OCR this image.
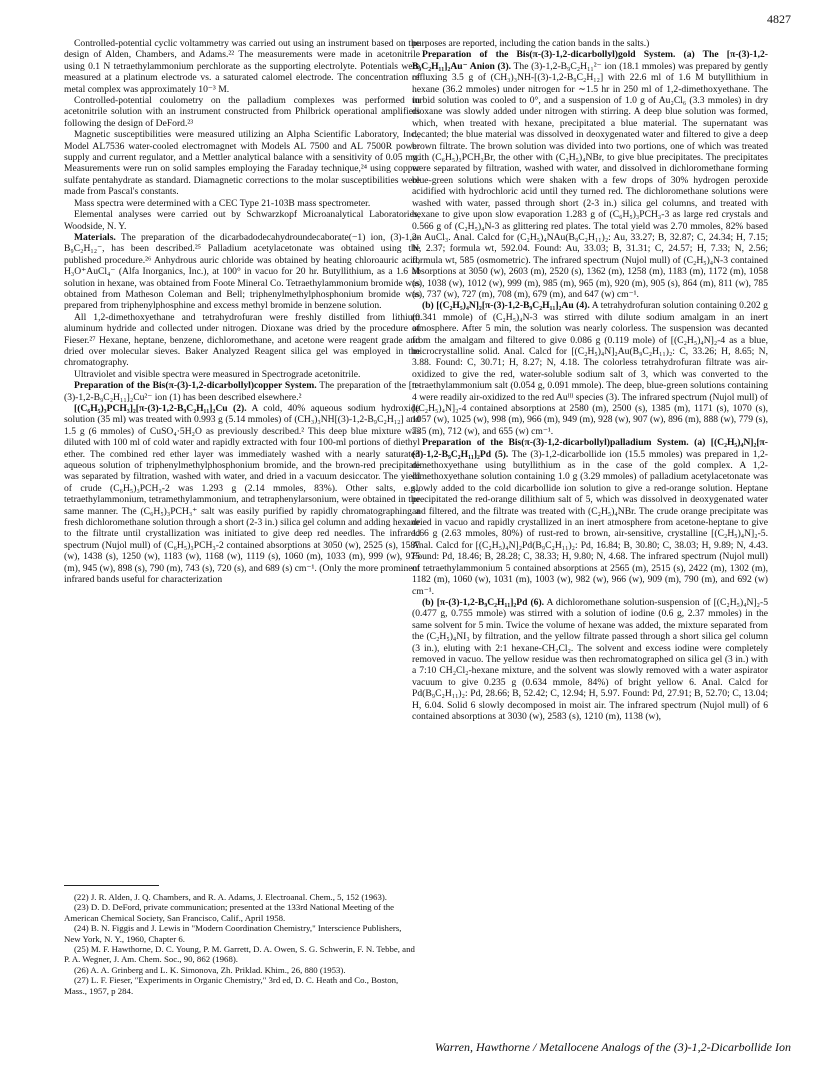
4827

Controlled-potential cyclic voltammetry was carried out using an instrument based on the design of Alden, Chambers, and Adams.²² The measurements were made in acetonitrile using 0.1 N tetraethylammonium perchlorate as the supporting electrolyte. Potentials were measured at a platinum electrode vs. a saturated calomel electrode. The concentration of metal complex was approximately 10⁻³ M.

Controlled-potential coulometry on the palladium complexes was performed in acetonitrile solution with an instrument constructed from Philbrick operational amplifiers following the design of DeFord.²³

Magnetic susceptibilities were measured utilizing an Alpha Scientific Laboratory, Inc., Model AL7536 water-cooled electromagnet with Models AL 7500 and AL 7500R power supply and current regulator, and a Mettler analytical balance with a sensitivity of 0.05 mg. Measurements were run on solid samples employing the Faraday technique,²⁴ using copper sulfate pentahydrate as standard. Diamagnetic corrections to the molar susceptibilities were made from Pascal's constants.

Mass spectra were determined with a CEC Type 21-103B mass spectrometer.

Elemental analyses were carried out by Schwarzkopf Microanalytical Laboratories, Woodside, N. Y.

Materials. The preparation of the dicarbadodecahydroundecaborate(−1) ion, (3)-1,2-B₉C₂H₁₂⁻, has been described.²⁵ Palladium acetylacetonate was obtained using the published procedure.²⁶ Anhydrous auric chloride was obtained by heating chloroauric acid, H₃O⁺AuCl₄⁻ (Alfa Inorganics, Inc.), at 100° in vacuo for 20 hr. Butyllithium, as a 1.6 M solution in hexane, was obtained from Foote Mineral Co. Tetraethylammonium bromide was obtained from Matheson Coleman and Bell; triphenylmethylphosphonium bromide was prepared from triphenylphosphine and excess methyl bromide in benzene solution.

All 1,2-dimethoxyethane and tetrahydrofuran were freshly distilled from lithium aluminum hydride and collected under nitrogen. Dioxane was dried by the procedure of Fieser.²⁷ Hexane, heptane, benzene, dichloromethane, and acetone were reagent grade and dried over molecular sieves. Baker Analyzed Reagent silica gel was employed in the chromatography.

Ultraviolet and visible spectra were measured in Spectrograde acetonitrile.

Preparation of the Bis(π-(3)-1,2-dicarbollyl)copper System. The preparation of the [π-(3)-1,2-B₉C₂H₁₁]₂Cu²⁻ ion (1) has been described elsewhere.²

[(C₆H₅)₃PCH₃]₂[π-(3)-1,2-B₉C₂H₁₁]₂Cu (2). A cold, 40% aqueous sodium hydroxide solution (35 ml) was treated with 0.993 g (5.14 mmoles) of (CH₃)₃NH[(3)-1,2-B₉C₂H₁₂] and 1.5 g (6 mmoles) of CuSO₄·5H₂O as previously described.² This deep blue mixture was diluted with 100 ml of cold water and rapidly extracted with four 100-ml portions of diethyl ether. The combined red ether layer was immediately washed with a nearly saturated aqueous solution of triphenylmethylphosphonium bromide, and the brown-red precipitate was separated by filtration, washed with water, and dried in a vacuum desiccator. The yield of crude (C₆H₅)₃PCH₃-2 was 1.293 g (2.14 mmoles, 83%). Other salts, e.g., tetraethylammonium, tetramethylammonium, and tetraphenylarsonium, were obtained in the same manner. The (C₆H₅)₃PCH₃⁺ salt was easily purified by rapidly chromatographing a fresh dichloromethane solution through a short (2-3 in.) silica gel column and adding hexane to the filtrate until crystallization was initiated to give deep red needles. The infrared spectrum (Nujol mull) of (C₆H₅)₃PCH₃-2 contained absorptions at 3050 (w), 2525 (s), 1587 (w), 1438 (s), 1250 (w), 1183 (w), 1168 (w), 1119 (s), 1060 (m), 1033 (m), 999 (w), 975 (m), 945 (w), 898 (s), 790 (m), 743 (s), 720 (s), and 689 (s) cm⁻¹. (Only the more prominent infrared bands useful for characterization

(22) J. R. Alden, J. Q. Chambers, and R. A. Adams, J. Electroanal. Chem., 5, 152 (1963).

(23) D. D. DeFord, private communication; presented at the 133rd National Meeting of the American Chemical Society, San Francisco, Calif., April 1958.

(24) B. N. Figgis and J. Lewis in "Modern Coordination Chemistry," Interscience Publishers, New York, N. Y., 1960, Chapter 6.

(25) M. F. Hawthorne, D. C. Young, P. M. Garrett, D. A. Owen, S. G. Schwerin, F. N. Tebbe, and P. A. Wegner, J. Am. Chem. Soc., 90, 862 (1968).

(26) A. A. Grinberg and L. K. Simonova, Zh. Priklad. Khim., 26, 880 (1953).

(27) L. F. Fieser, "Experiments in Organic Chemistry," 3rd ed, D. C. Heath and Co., Boston, Mass., 1957, p 284.

purposes are reported, including the cation bands in the salts.)

Preparation of the Bis(π-(3)-1,2-dicarbollyl)gold System. (a) The [π-(3)-1,2-B₉C₂H₁₁]₂Au⁻ Anion (3). The (3)-1,2-B₉C₂H₁₁²⁻ ion (18.1 mmoles) was prepared by gently refluxing 3.5 g of (CH₃)₃NH-[(3)-1,2-B₉C₂H₁₂] with 22.6 ml of 1.6 M butyllithium in hexane (36.2 mmoles) under nitrogen for ∼1.5 hr in 250 ml of 1,2-dimethoxyethane. The turbid solution was cooled to 0°, and a suspension of 1.0 g of Au₂Cl₆ (3.3 mmoles) in dry dioxane was slowly added under nitrogen with stirring. A deep blue solution was formed, which, when treated with hexane, precipitated a blue material. The supernatant was decanted; the blue material was dissolved in deoxygenated water and filtered to give a deep brown filtrate. The brown solution was divided into two portions, one of which was treated with (C₆H₅)₃PCH₃Br, the other with (C₂H₅)₄NBr, to give blue precipitates. The precipitates were separated by filtration, washed with water, and dissolved in dichloromethane forming blue-green solutions which were shaken with a few drops of 30% hydrogen peroxide acidified with hydrochloric acid until they turned red. The dichloromethane solutions were washed with water, passed through short (2-3 in.) silica gel columns, and treated with hexane to give upon slow evaporation 1.283 g of (C₆H₅)₃PCH₃-3 as large red crystals and 0.566 g of (C₂H₅)₄N-3 as glittering red plates. The total yield was 2.70 mmoles, 82% based on AuCl₃. Anal. Calcd for (C₂H₅)₄NAu(B₉C₂H₁₁)₂: Au, 33.27; B, 32.87; C, 24.34; H, 7.15; N, 2.37; formula wt, 592.04. Found: Au, 33.03; B, 31.31; C, 24.57; H, 7.33; N, 2.56; formula wt, 585 (osmometric). The infrared spectrum (Nujol mull) of (C₂H₅)₄N-3 contained absorptions at 3050 (w), 2603 (m), 2520 (s), 1362 (m), 1258 (m), 1183 (m), 1172 (m), 1058 (s), 1038 (w), 1012 (w), 999 (m), 985 (m), 965 (m), 920 (m), 905 (s), 864 (m), 811 (w), 785 (s), 737 (w), 727 (m), 708 (m), 679 (m), and 647 (w) cm⁻¹.

(b) [(C₂H₅)₄N]₂[π-(3)-1,2-B₉C₂H₁₁]₂Au (4). A tetrahydrofuran solution containing 0.202 g (0.341 mmole) of (C₂H₅)₄N-3 was stirred with dilute sodium amalgam in an inert atmosphere. After 5 min, the solution was nearly colorless. The suspension was decanted from the amalgam and filtered to give 0.086 g (0.119 mole) of [(C₂H₅)₄N]₂-4 as a blue, microcrystalline solid. Anal. Calcd for [(C₂H₅)₄N]₂Au(B₉C₂H₁₁)₂: C, 33.26; H, 8.65; N, 3.88. Found: C, 30.71; H, 8.27; N, 4.18. The colorless tetrahydrofuran filtrate was air-oxidized to give the red, water-soluble sodium salt of 3, which was converted to the tetraethylammonium salt (0.054 g, 0.091 mmole). The deep, blue-green solutions containing 4 were readily air-oxidized to the red Auᴵᴵᴵ species (3). The infrared spectrum (Nujol mull) of [(C₂H₅)₄N]₂-4 contained absorptions at 2580 (m), 2500 (s), 1385 (m), 1171 (s), 1070 (s), 1057 (w), 1025 (w), 998 (m), 966 (m), 949 (m), 928 (w), 907 (w), 896 (m), 888 (w), 779 (s), 735 (m), 712 (w), and 655 (w) cm⁻¹.

Preparation of the Bis(π-(3)-1,2-dicarbollyl)palladium System. (a) [(C₂H₅)₄N]₂[π-(3)-1,2-B₉C₂H₁₁]₂Pd (5). The (3)-1,2-dicarbollide ion (15.5 mmoles) was prepared in 1,2-dimethoxyethane using butyllithium as in the case of the gold complex. A 1,2-dimethoxyethane solution containing 1.0 g (3.29 mmoles) of palladium acetylacetonate was slowly added to the cold dicarbollide ion solution to give a red-orange solution. Heptane precipitated the red-orange dilithium salt of 5, which was dissolved in deoxygenated water and filtered, and the filtrate was treated with (C₂H₅)₄NBr. The crude orange precipitate was dried in vacuo and rapidly crystallized in an inert atmosphere from acetone-heptane to give 1.66 g (2.63 mmoles, 80%) of rust-red to brown, air-sensitive, crystalline [(C₂H₅)₄N]₂-5. Anal. Calcd for [(C₂H₅)₄N]₂Pd(B₉C₂H₁₁)₂: Pd, 16.84; B, 30.80; C, 38.03; H, 9.89; N, 4.43. Found: Pd, 18.46; B, 28.28; C, 38.33; H, 9.80; N, 4.68. The infrared spectrum (Nujol mull) of tetraethylammonium 5 contained absorptions at 2565 (m), 2515 (s), 2422 (m), 1302 (m), 1182 (m), 1060 (w), 1031 (m), 1003 (w), 982 (w), 966 (w), 909 (m), 790 (m), and 692 (w) cm⁻¹.

(b) [π-(3)-1,2-B₉C₂H₁₁]₂Pd (6). A dichloromethane solution-suspension of [(C₂H₅)₄N]₂-5 (0.477 g, 0.755 mmole) was stirred with a solution of iodine (0.6 g, 2.37 mmoles) in the same solvent for 5 min. Twice the volume of hexane was added, the mixture separated from the (C₂H₅)₄NI₃ by filtration, and the yellow filtrate passed through a short silica gel column (3 in.), eluting with 2:1 hexane-CH₂Cl₂. The solvent and excess iodine were completely removed in vacuo. The yellow residue was then rechromatographed on silica gel (3 in.) with a 7:10 CH₂Cl₂-hexane mixture, and the solvent was slowly removed with a water aspirator vacuum to give 0.235 g (0.634 mmole, 84%) of bright yellow 6. Anal. Calcd for Pd(B₉C₂H₁₁)₂: Pd, 28.66; B, 52.42; C, 12.94; H, 5.97. Found: Pd, 27.91; B, 52.70; C, 13.04; H, 6.04. Solid 6 slowly decomposed in moist air. The infrared spectrum (Nujol mull) of 6 contained absorptions at 3030 (w), 2583 (s), 1210 (m), 1138 (w),

Warren, Hawthorne / Metallocene Analogs of the (3)-1,2-Dicarbollide Ion
